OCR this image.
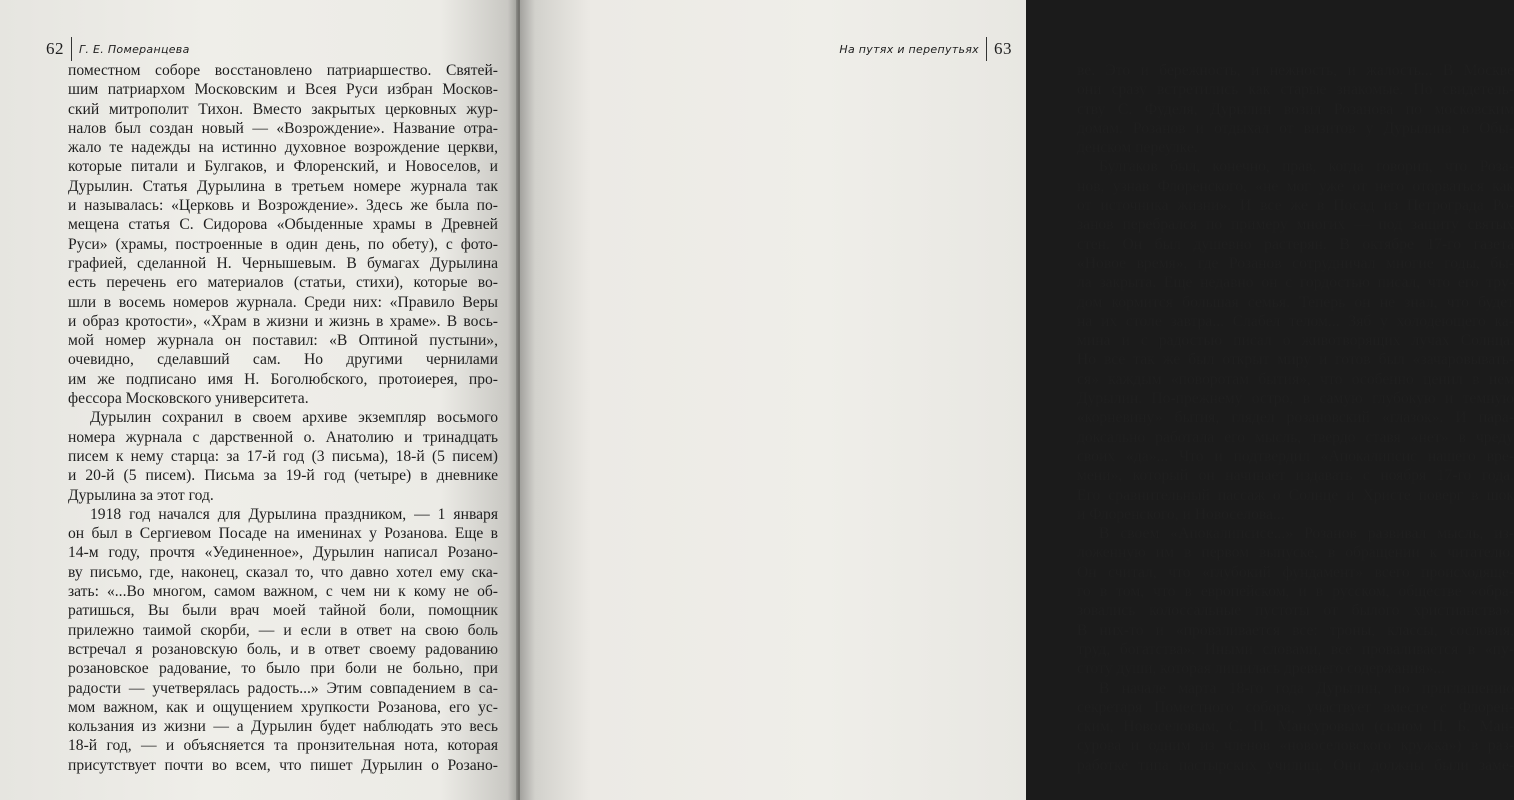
62 Г. Е. Померанцева
поместном соборе восстановлено патриаршество. Святей-
шим патриархом Московским и Всея Руси избран Москов-
ский митрополит Тихон. Вместо закрытых церковных жур-
налов был создан новый — «Возрождение». Название отра-
жало те надежды на истинно духовное возрождение церкви,
которые питали и Булгаков, и Флоренский, и Новоселов, и
Дурылин. Статья Дурылина в третьем номере журнала так
и называлась: «Церковь и Возрождение». Здесь же была по-
мещена статья С. Сидорова «Обыденные храмы в Древней
Руси» (храмы, построенные в один день, по обету), с фото-
графией, сделанной Н. Чернышевым. В бумагах Дурылина
есть перечень его материалов (статьи, стихи), которые во-
шли в восемь номеров журнала. Среди них: «Правило Веры
и образ кротости», «Храм в жизни и жизнь в храме». В вось-
мой номер журнала он поставил: «В Оптиной пустыни»,
очевидно, сделавший сам. Но другими чернилами
им же подписано имя Н. Боголюбского, протоиерея, про-
фессора Московского университета.
Дурылин сохранил в своем архиве экземпляр восьмого
номера журнала с дарственной о. Анатолию и тринадцать
писем к нему старца: за 17-й год (3 письма), 18-й (5 писем)
и 20-й (5 писем). Письма за 19-й год (четыре) в дневнике
Дурылина за этот год.
1918 год начался для Дурылина праздником, — 1 января
он был в Сергиевом Посаде на именинах у Розанова. Еще в
14-м году, прочтя «Уединенное», Дурылин написал Розано-
ву письмо, где, наконец, сказал то, что давно хотел ему ска-
зать: «...Во многом, самом важном, с чем ни к кому не об-
ратишься, Вы были врач моей тайной боли, помощник
прилежно таимой скорби, — и если в ответ на свою боль
встречал я розановскую боль, и в ответ своему радованию
розановское радование, то было при боли не больно, при
радости — учетверялась радость...» Этим совпадением в са-
мом важном, как и ощущением хрупкости Розанова, его ус-
кользания из жизни — а Дурылин будет наблюдать это весь
18-й год, — и объясняется та пронзительная нота, которая
присутствует почти во всем, что пишет Дурылин о Розано-
На путях и перепутьях 63
ве. Это и бережность, и нежность, и жалость... В Москве
они сразу встретились как старые знакомые. По свидетель-
ству С. Фуделя, Дурылин возил Розанова по московским
домам. Розанов и отдыхал от визитов у Дурылина в Обы-
денском переулке.
Булгаков был, конечно, прав, когда говорил, что Роза-
нов, узнав Флоренского, «не мог уже от него оторваться как
от источника жизни». И все же в Посад из Петрограда Ро-
занов перебрался по примеру многих — под защиту святых
стен. Он был душевно растерян. В октябре 17-го газета
«Новое время», где Розанов сотрудничал многие годы, бы-
ла закрыта. Еще недавно он с гордостью писал, что его тру-
дом кормится большая семья. Теперь он не знал, что будет
на их столе завтра... Слабел телом... Зяб у холодеющего ка-
мина и с радостью писал о животворящих лучах Солнца.
Но все так же был открыт миру и готов был «зачаровывать-
ся» каждым «поворотам бытия», что особенно ценил в нем
Дурылин. По-прежнему остро, в самую глубокую и темную
«корневину» бытия, глядел розановский «глазок». И пара-
доксально работала его мысль, твердо ставя «нет» в чреду
своих «да»... Что и подтвердил «Апокалипсис нашего вре-
мени», который он начинает издавать с ноября 17-го года.
Его сравнительный пассаж о Солнце и Христе поверг в шок
и Флоренского, и Новоселова...
В своем «Апокалипсисе...» Розанов развивал мысль, из-
ложенную им в первом выпуске, в обращении к читателю.
Он считал, что «глубокий фундамент» всего происходяще-
го в том, что в европейском, и в русском, обществе «обра-
зовались колоссальные пустоты от былого христианства».
В них-то и «проваливается все: троны, классы, сословия,
труд, богатства». Иными словами, все проваливается в «пу-
стоту души, которая лишилась древнего содержания»...
В начале марта 18-го года Дурылин, по приглашению
секретаря Поместного собора, участвует вместе с Флорен-
ским, Новоселовым, С. П. Мансуровым (сыном П. Б. Ман-
сурова и одним из членов «новоселовского кружка») в раз-
работке типа пастырских училищ. Они должны были заме-
